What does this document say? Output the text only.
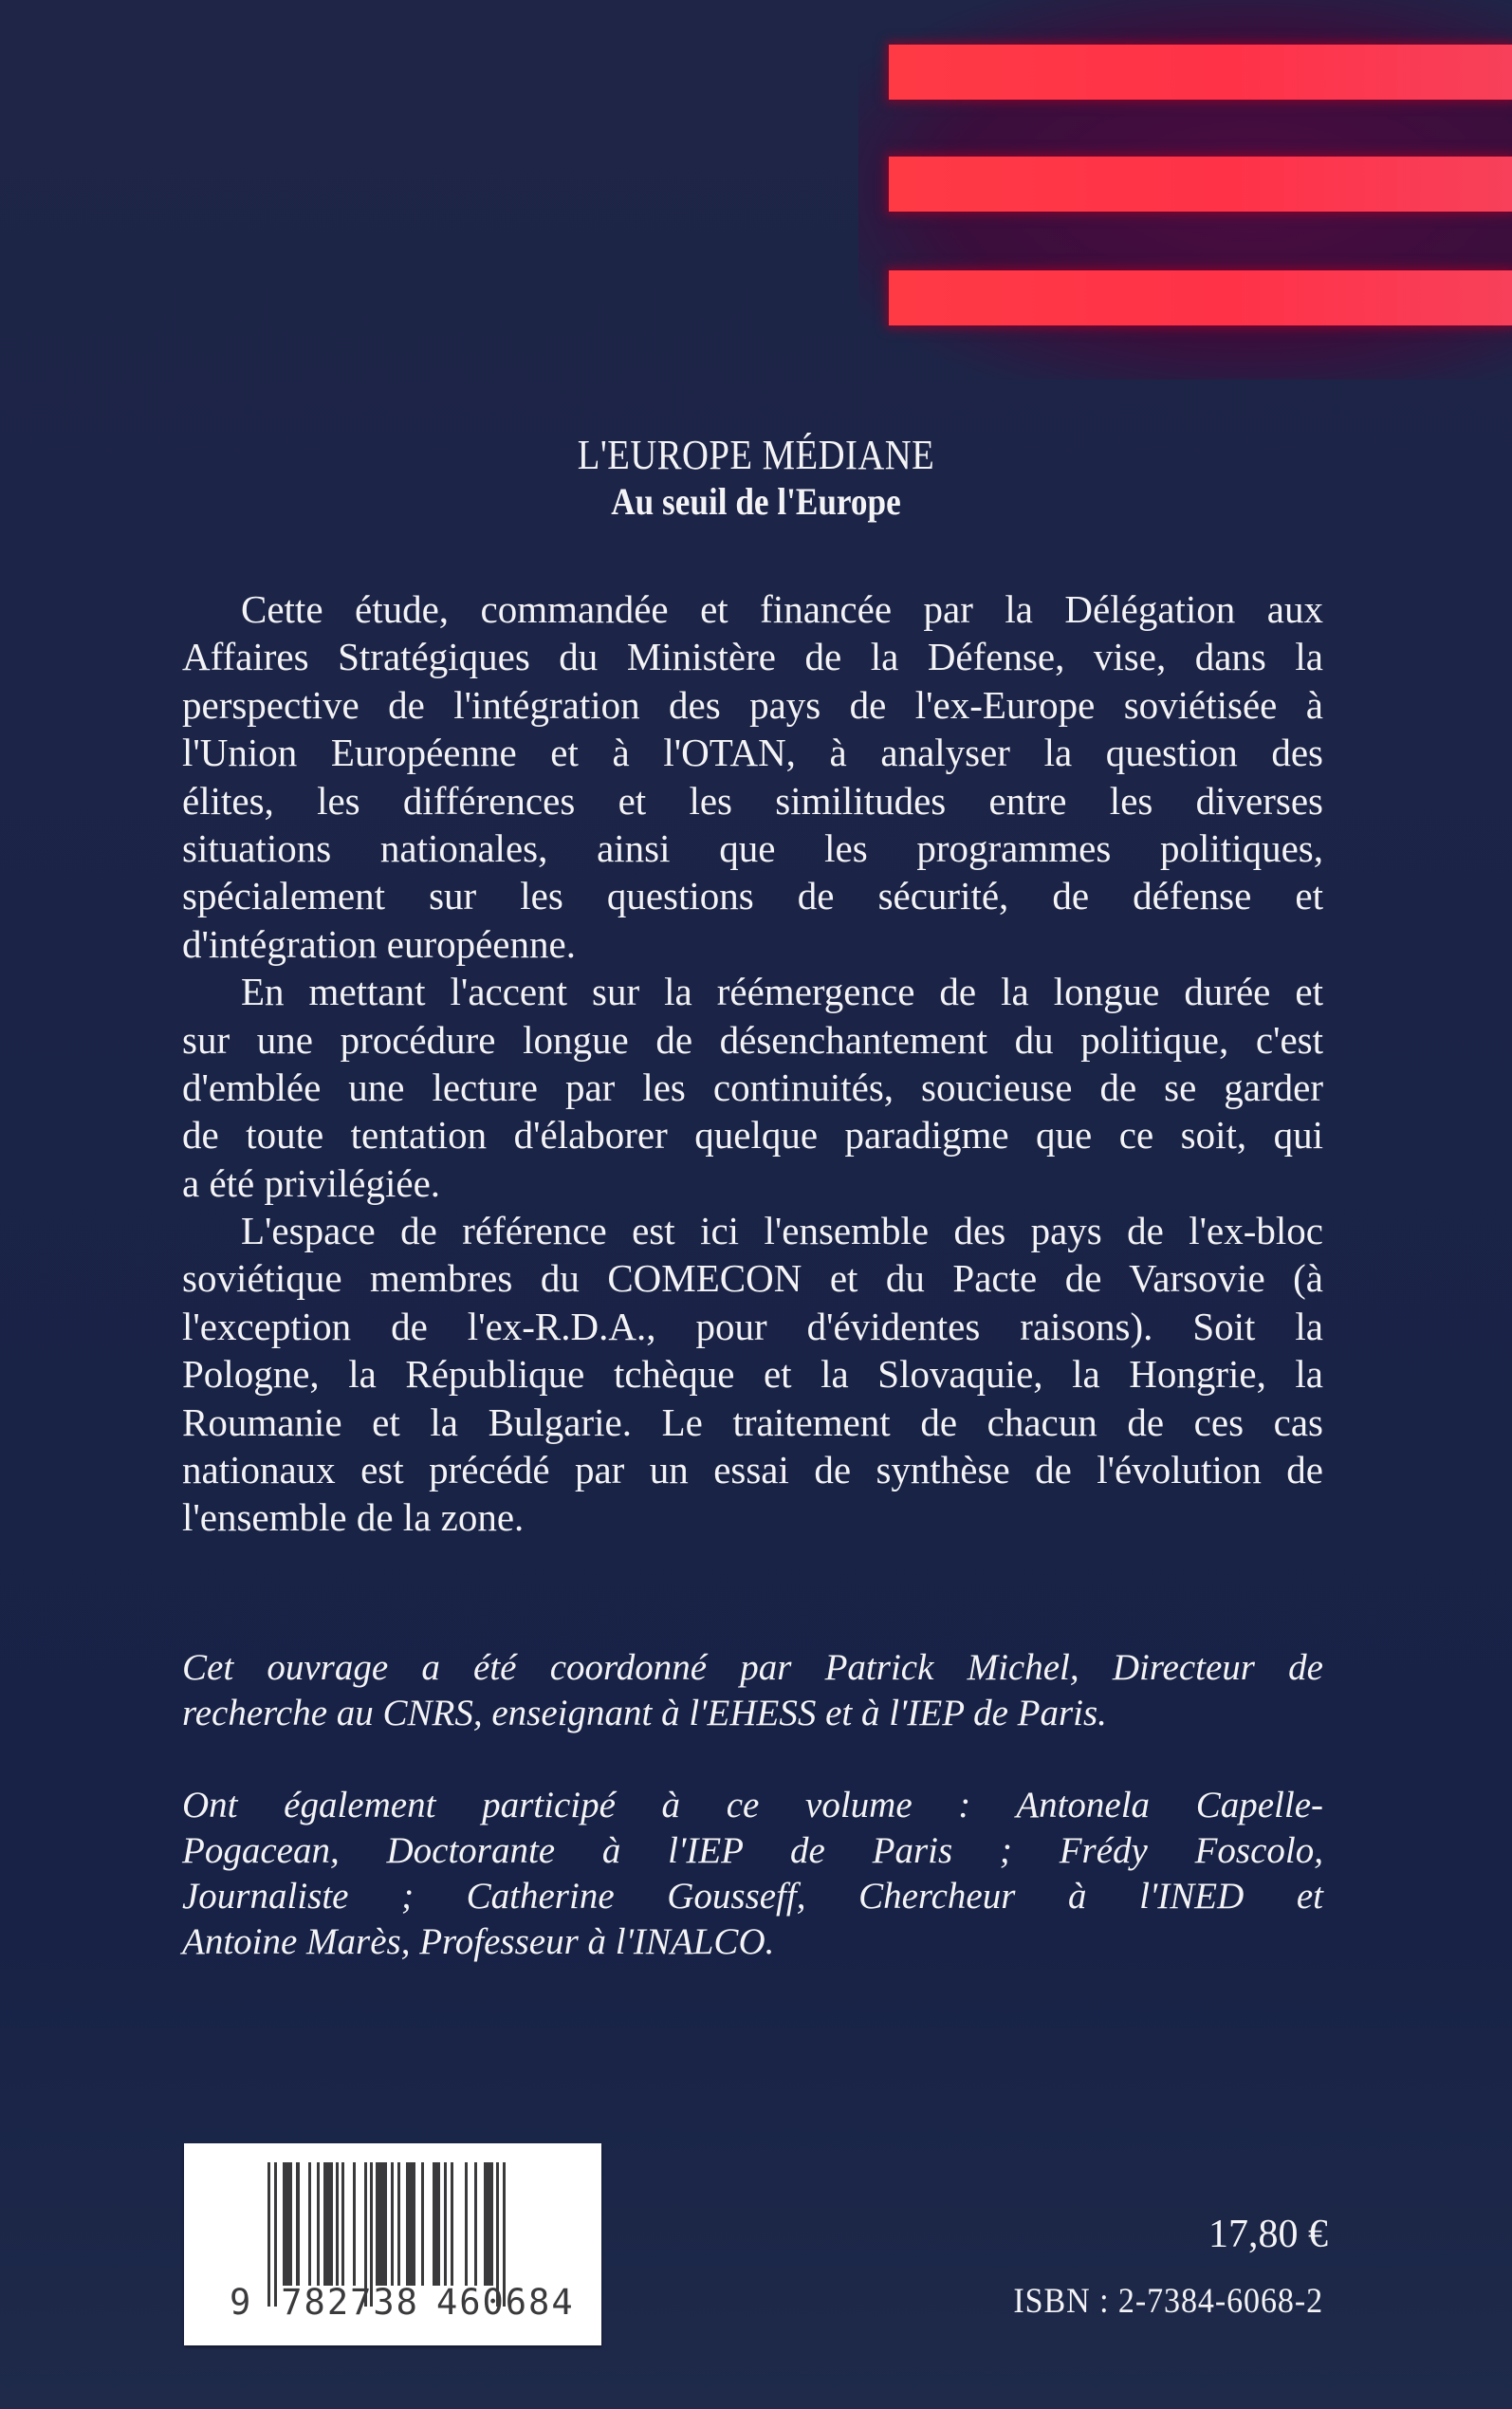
L'EUROPE MÉDIANE
Au seuil de l'Europe
Cette étude, commandée et financée par la Délégation aux
Affaires Stratégiques du Ministère de la Défense, vise, dans la
perspective de l'intégration des pays de l'ex-Europe soviétisée à
l'Union Européenne et à l'OTAN, à analyser la question des
élites, les différences et les similitudes entre les diverses
situations nationales, ainsi que les programmes politiques,
spécialement sur les questions de sécurité, de défense et
d'intégration européenne.
En mettant l'accent sur la réémergence de la longue durée et
sur une procédure longue de désenchantement du politique, c'est
d'emblée une lecture par les continuités, soucieuse de se garder
de toute tentation d'élaborer quelque paradigme que ce soit, qui
a été privilégiée.
L'espace de référence est ici l'ensemble des pays de l'ex-bloc
soviétique membres du COMECON et du Pacte de Varsovie (à
l'exception de l'ex-R.D.A., pour d'évidentes raisons). Soit la
Pologne, la République tchèque et la Slovaquie, la Hongrie, la
Roumanie et la Bulgarie. Le traitement de chacun de ces cas
nationaux est précédé par un essai de synthèse de l'évolution de
l'ensemble de la zone.
Cet ouvrage a été coordonné par Patrick Michel, Directeur de
recherche au CNRS, enseignant à l'EHESS et à l'IEP de Paris.
Ont également participé à ce volume : Antonela Capelle-
Pogacean, Doctorante à l'IEP de Paris ; Frédy Foscolo,
Journaliste ; Catherine Gousseff, Chercheur à l'INED et
Antoine Marès, Professeur à l'INALCO.
9 782738 460684
17,80 €
ISBN : 2-7384-6068-2
